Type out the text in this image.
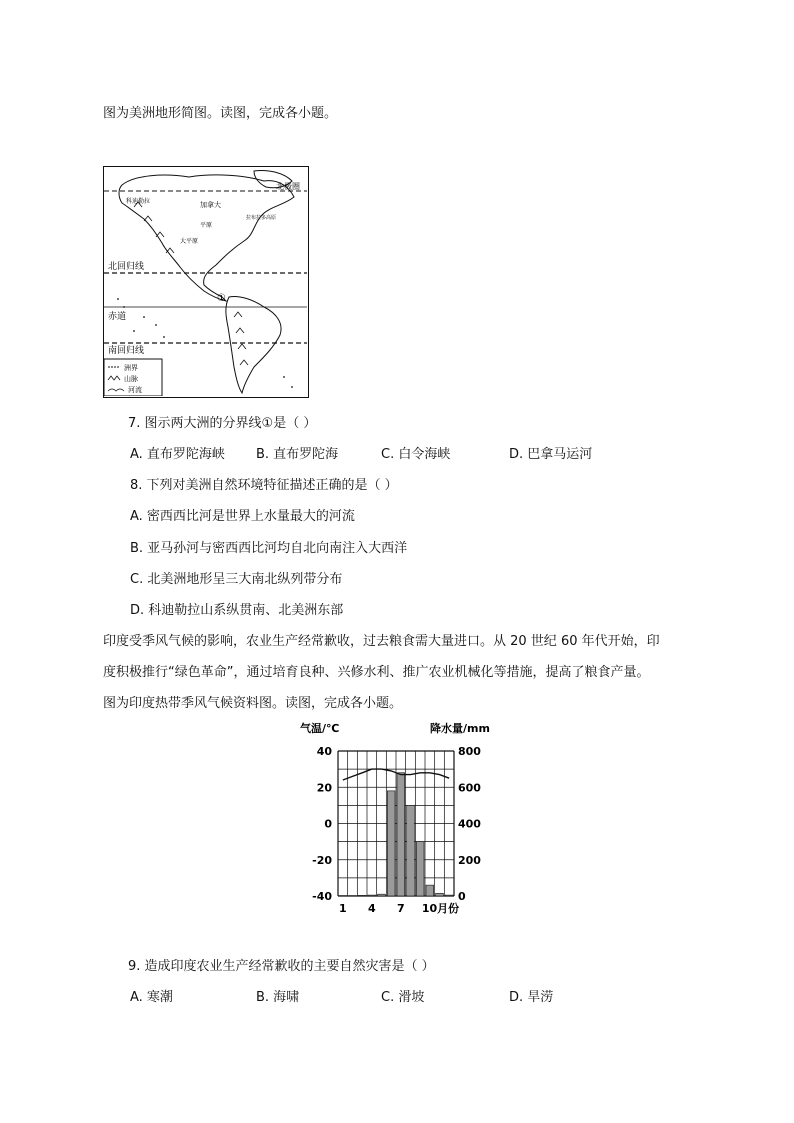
图为美洲地形简图。读图，完成各小题。
①
北极圈
北回归线
赤道
南回归线
加拿大
平原
拉布拉多高原
大平原
科迪勒拉
洲界
山脉
河流
7. 图示两大洲的分界线①是（ ）
A. 直布罗陀海峡 B. 直布罗陀海	C. 白令海峡	D. 巴拿马运河
8. 下列对美洲自然环境特征描述正确的是（ ）
A. 密西西比河是世界上水量最大的河流
B. 亚马孙河与密西西比河均自北向南注入大西洋
C. 北美洲地形呈三大南北纵列带分布
D. 科迪勒拉山系纵贯南、北美洲东部
印度受季风气候的影响，农业生产经常歉收，过去粮食需大量进口。从 20 世纪 60 年代开始，印
度积极推行“绿色革命”，通过培育良种、兴修水利、推广农业机械化等措施，提高了粮食产量。
图为印度热带季风气候资料图。读图，完成各小题。
气温/℃	降水量/mm
40
20
0
-20
-40
800
600
400
200
0
1 4 7 10月份
9. 造成印度农业生产经常歉收的主要自然灾害是（ ）
A. 寒潮	B. 海啸	C. 滑坡	D. 旱涝
